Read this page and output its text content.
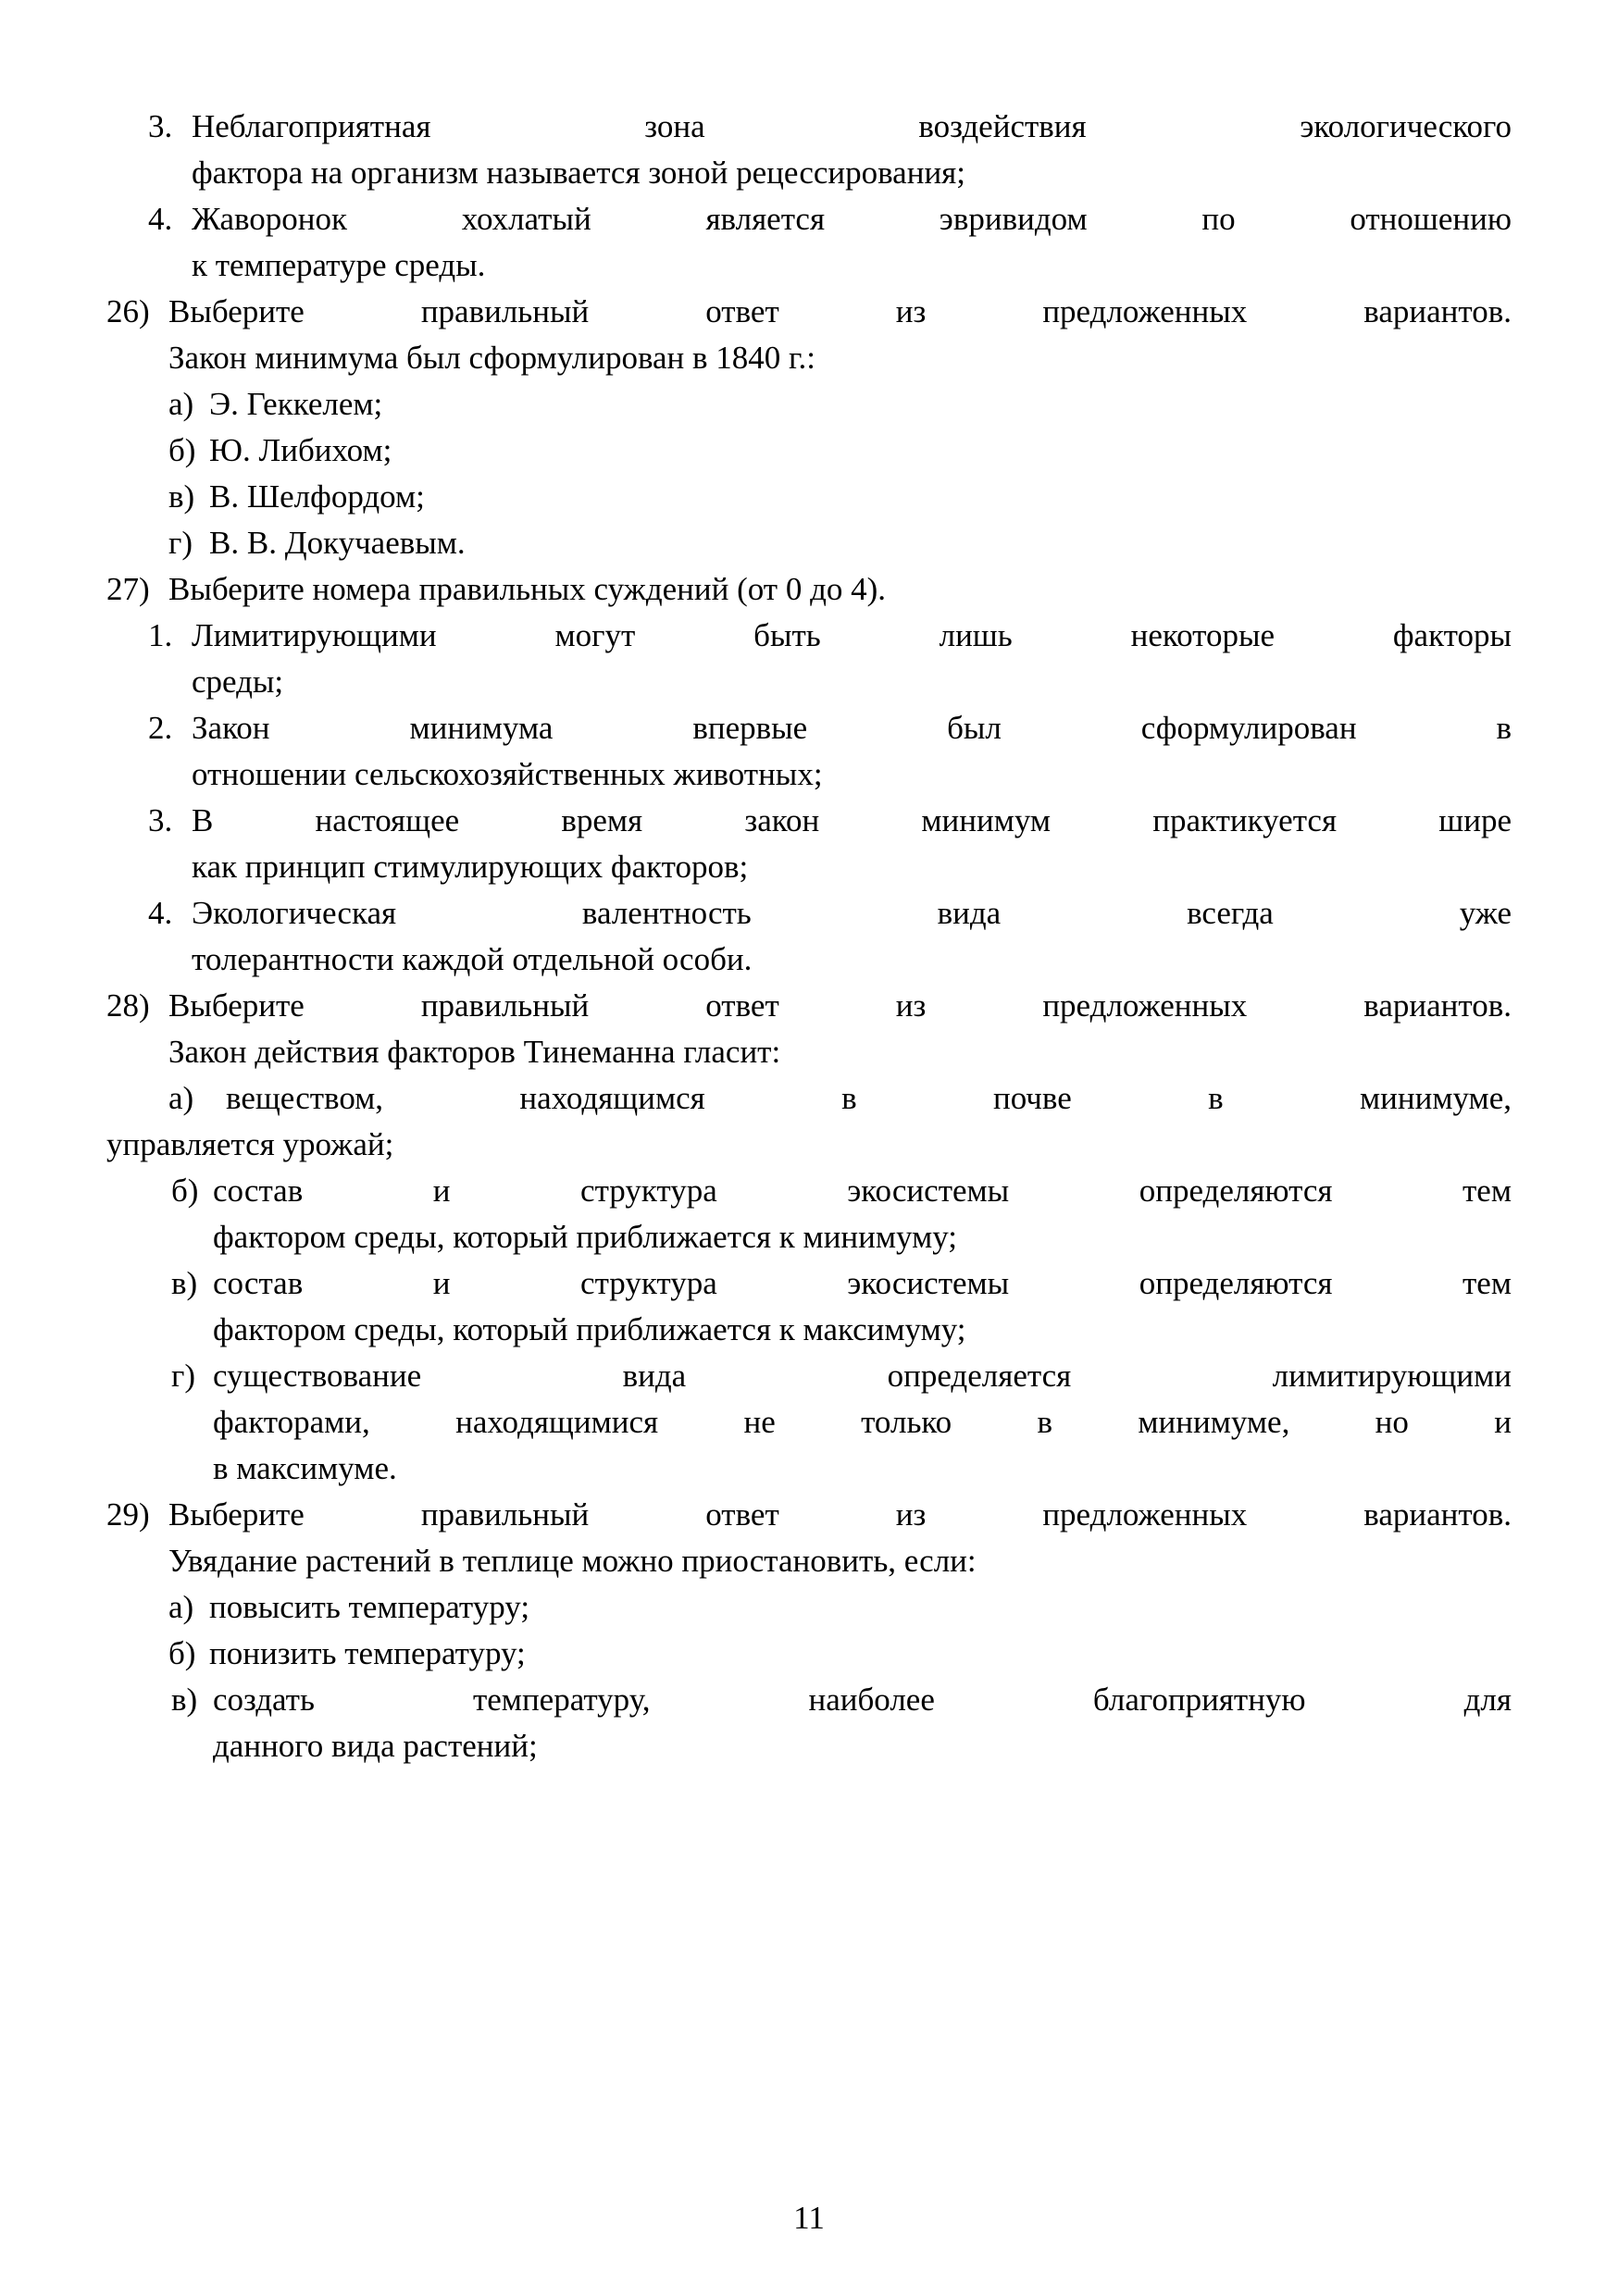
3. Неблагоприятная зона воздействия экологического
фактора на организм называется зоной рецессирования;
4. Жаворонок хохлатый является эвривидом по отношению
к температуре среды.
26) Выберите правильный ответ из предложенных вариантов.
Закон минимума был сформулирован в 1840 г.:
а) Э. Геккелем;
б) Ю. Либихом;
в) В. Шелфордом;
г) В. В. Докучаевым.
27) Выберите номера правильных суждений (от 0 до 4).
1. Лимитирующими могут быть лишь некоторые факторы
среды;
2. Закон минимума впервые был сформулирован в
отношении сельскохозяйственных животных;
3. В настоящее время закон минимум практикуется шире
как принцип стимулирующих факторов;
4. Экологическая валентность вида всегда уже
толерантности каждой отдельной особи.
28) Выберите правильный ответ из предложенных вариантов.
Закон действия факторов Тинеманна гласит:
а) веществом, находящимся в почве в минимуме,
управляется урожай;
б) состав и структура экосистемы определяются тем
фактором среды, который приближается к минимуму;
в) состав и структура экосистемы определяются тем
фактором среды, который приближается к максимуму;
г) существование вида определяется лимитирующими
факторами, находящимися не только в минимуме, но и
в максимуме.
29) Выберите правильный ответ из предложенных вариантов.
Увядание растений в теплице можно приостановить, если:
а) повысить температуру;
б) понизить температуру;
в) создать температуру, наиболее благоприятную для
данного вида растений;
11
